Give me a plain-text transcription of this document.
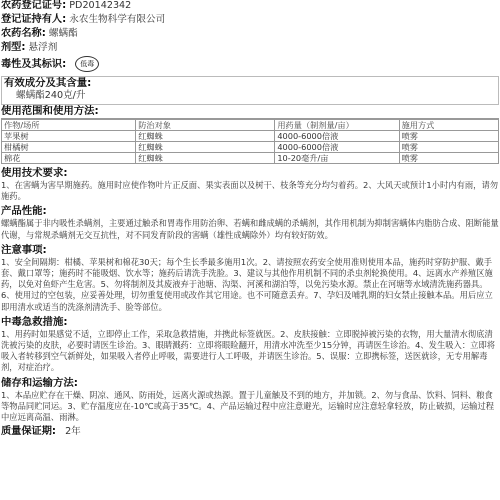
农药登记证号: PD20142342
登记证持有人: 永农生物科学有限公司
农药名称: 螺螨酯
剂型: 悬浮剂
毒性及其标识: 低毒
有效成分及其含量:
螺螨酯240克/升
使用范围和使用方法:
作物/场所	防治对象	用药量（制剂量/亩）	施用方式
苹果树	红蜘蛛	4000-6000倍液	喷雾
柑橘树	红蜘蛛	4000-6000倍液	喷雾
棉花	红蜘蛛	10-20毫升/亩	喷雾
使用技术要求:
1、在害螨为害早期施药。施用时应使作物叶片正反面、果实表面以及树干、枝条等充分均匀着药。2、大风天或预计1小时内有雨，请勿施药。
产品性能:
螺螨酯属于非内吸性杀螨剂，主要通过触杀和胃毒作用防治卵、若螨和雌成螨的杀螨剂，其作用机制为抑制害螨体内脂肪合成、阻断能量代谢，与常规杀螨剂无交互抗性，对不同发育阶段的害螨（雄性成螨除外）均有较好防效。
注意事项:
1、安全间隔期：柑橘、苹果树和棉花30天；每个生长季最多施用1次。2、请按照农药安全使用准则使用本品，施药时穿防护服、戴手套、戴口罩等；施药时不能吸烟、饮水等；施药后请洗手洗脸。3、建议与其他作用机制不同的杀虫剂轮换使用。4、远离水产养殖区施药，以免对鱼虾产生危害。5、勿将制剂及其废液弃于池塘、沟渠、河溪和湖泊等，以免污染水源。禁止在河塘等水域清洗施药器具。6、使用过的空包装，应妥善处理，切勿重复使用或改作其它用途。也不可随意丢弃。7、孕妇及哺乳期的妇女禁止接触本品。用后应立即用清水或适当的洗涤剂清洗手、脸等部位。
中毒急救措施:
1、用药时如果感觉不适，立即停止工作，采取急救措施，并携此标签就医。2、皮肤接触：立即脱掉被污染的衣物，用大量清水彻底清洗被污染的皮肤，必要时请医生诊治。3、眼睛溅药：立即将眼睑翻开，用清水冲洗至少15分钟，再请医生诊治。4、发生吸入：立即将吸入者转移到空气新鲜处，如果吸入者停止呼吸，需要进行人工呼吸，并请医生诊治。5、误服：立即携标签，送医就诊，无专用解毒剂，对症治疗。
储存和运输方法:
1、本品应贮存在干燥、阴凉、通风、防雨处，远离火源或热源。置于儿童触及不到的地方，并加锁。2、勿与食品、饮料、饲料、粮食等物品同贮同运。3、贮存温度应在-10℃或高于35℃。4、产品运输过程中应注意避光，运输时应注意轻拿轻放，防止破损，运输过程中应远离高温、雨淋。
质量保证期: 2年
